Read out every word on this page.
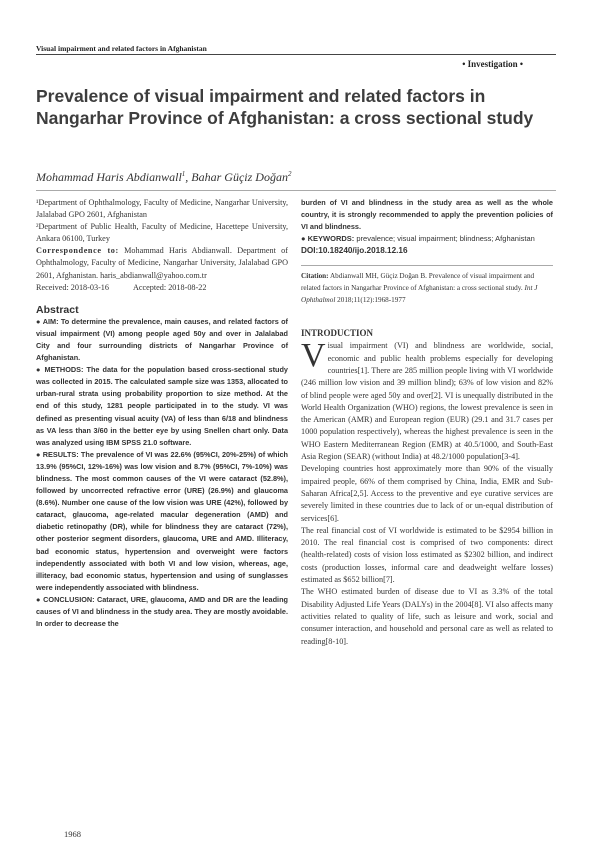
Visual impairment and related factors in Afghanistan
• Investigation •
Prevalence of visual impairment and related factors in Nangarhar Province of Afghanistan: a cross sectional study
Mohammad Haris Abdianwall$^1$, Bahar Güçiz Doğan$^2$

¹Department of Ophthalmology, Faculty of Medicine, Nangarhar University, Jalalabad GPO 2601, Afghanistan

²Department of Public Health, Faculty of Medicine, Hacettepe University, Ankara 06100, Turkey

Correspondence to: Mohammad Haris Abdianwall. Department of Ophthalmology, Faculty of Medicine, Nangarhar University, Jalalabad GPO 2601, Afghanistan. haris_abdianwall@yahoo.com.tr

Received: 2018-03-16	Accepted: 2018-08-22

Abstract

● AIM: To determine the prevalence, main causes, and related factors of visual impairment (VI) among people aged 50y and over in Jalalabad City and four surrounding districts of Nangarhar Province of Afghanistan.

● METHODS: The data for the population based cross-sectional study was collected in 2015. The calculated sample size was 1353, allocated to urban-rural strata using probability proportion to size method. At the end of this study, 1281 people participated in to the study. VI was defined as presenting visual acuity (VA) of less than 6/18 and blindness as VA less than 3/60 in the better eye by using Snellen chart only. Data was analyzed using IBM SPSS 21.0 software.

● RESULTS: The prevalence of VI was 22.6% (95%CI, 20%-25%) of which 13.9% (95%CI, 12%-16%) was low vision and 8.7% (95%CI, 7%-10%) was blindness. The most common causes of the VI were cataract (52.8%), followed by uncorrected refractive error (URE) (26.9%) and glaucoma (8.6%). Number one cause of the low vision was URE (42%), followed by cataract, glaucoma, age-related macular degeneration (AMD) and diabetic retinopathy (DR), while for blindness they are cataract (72%), other posterior segment disorders, glaucoma, URE and AMD. Illiteracy, bad economic status, hypertension and overweight were factors independently associated with both VI and low vision, whereas, age, illiteracy, bad economic status, hypertension and using of sunglasses were independently associated with blindness.

● CONCLUSION: Cataract, URE, glaucoma, AMD and DR are the leading causes of VI and blindness in the study area. They are mostly avoidable. In order to decrease the

burden of VI and blindness in the study area as well as the whole country, it is strongly recommended to apply the prevention policies of VI and blindness.

● KEYWORDS: prevalence; visual impairment; blindness; Afghanistan

DOI:10.18240/ijo.2018.12.16
Citation: Abdianwall MH, Güçiz Doğan B. Prevalence of visual impairment and related factors in Nangarhar Province of Afghanistan: a cross sectional study. Int J Ophthalmol 2018;11(12):1968-1977
INTRODUCTION

Visual impairment (VI) and blindness are worldwide, social, economic and public health problems especially for developing countries[1]. There are 285 million people living with VI worldwide (246 million low vision and 39 million blind); 63% of low vision and 82% of blind people were aged 50y and over[2]. VI is unequally distributed in the World Health Organization (WHO) regions, the lowest prevalence is seen in the American (AMR) and European region (EUR) (29.1 and 31.7 cases per 1000 population respectively), whereas the highest prevalence is seen in the WHO Eastern Mediterranean Region (EMR) at 40.5/1000, and South-East Asia Region (SEAR) (without India) at 48.2/1000 population[3-4].

Developing countries host approximately more than 90% of the visually impaired people, 66% of them comprised by China, India, EMR and Sub-Saharan Africa[2,5]. Access to the preventive and eye curative services are severely limited in these countries due to lack of or un-equal distribution of services[6].

The real financial cost of VI worldwide is estimated to be $2954 billion in 2010. The real financial cost is comprised of two components: direct (health-related) costs of vision loss estimated as $2302 billion, and indirect costs (production losses, informal care and deadweight welfare losses) estimated as $652 billion[7].

The WHO estimated burden of disease due to VI as 3.3% of the total Disability Adjusted Life Years (DALYs) in the 2004[8]. VI also affects many activities related to quality of life, such as leisure and work, social and consumer interaction, and household and personal care as well as related to reading[8-10].

1968
